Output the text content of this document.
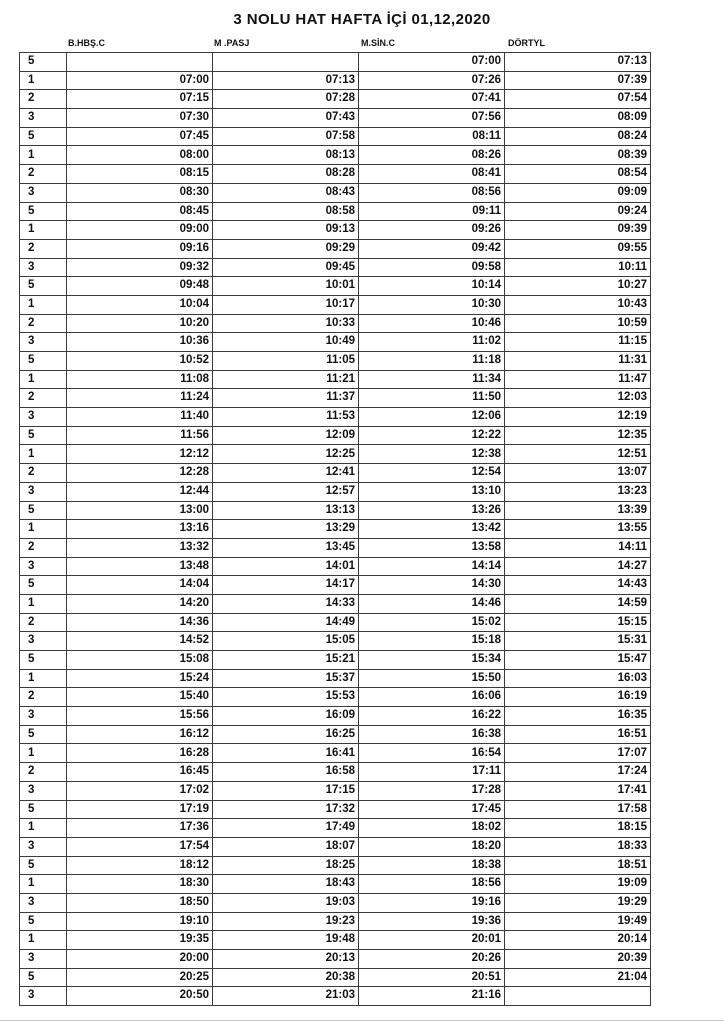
3 NOLU HAT HAFTA İÇİ 01,12,2020
B.HBŞ.C	M .PASJ	M.SİN.C	DÖRTYL
5			07:00	07:13
1	07:00	07:13	07:26	07:39
2	07:15	07:28	07:41	07:54
3	07:30	07:43	07:56	08:09
5	07:45	07:58	08:11	08:24
1	08:00	08:13	08:26	08:39
2	08:15	08:28	08:41	08:54
3	08:30	08:43	08:56	09:09
5	08:45	08:58	09:11	09:24
1	09:00	09:13	09:26	09:39
2	09:16	09:29	09:42	09:55
3	09:32	09:45	09:58	10:11
5	09:48	10:01	10:14	10:27
1	10:04	10:17	10:30	10:43
2	10:20	10:33	10:46	10:59
3	10:36	10:49	11:02	11:15
5	10:52	11:05	11:18	11:31
1	11:08	11:21	11:34	11:47
2	11:24	11:37	11:50	12:03
3	11:40	11:53	12:06	12:19
5	11:56	12:09	12:22	12:35
1	12:12	12:25	12:38	12:51
2	12:28	12:41	12:54	13:07
3	12:44	12:57	13:10	13:23
5	13:00	13:13	13:26	13:39
1	13:16	13:29	13:42	13:55
2	13:32	13:45	13:58	14:11
3	13:48	14:01	14:14	14:27
5	14:04	14:17	14:30	14:43
1	14:20	14:33	14:46	14:59
2	14:36	14:49	15:02	15:15
3	14:52	15:05	15:18	15:31
5	15:08	15:21	15:34	15:47
1	15:24	15:37	15:50	16:03
2	15:40	15:53	16:06	16:19
3	15:56	16:09	16:22	16:35
5	16:12	16:25	16:38	16:51
1	16:28	16:41	16:54	17:07
2	16:45	16:58	17:11	17:24
3	17:02	17:15	17:28	17:41
5	17:19	17:32	17:45	17:58
1	17:36	17:49	18:02	18:15
3	17:54	18:07	18:20	18:33
5	18:12	18:25	18:38	18:51
1	18:30	18:43	18:56	19:09
3	18:50	19:03	19:16	19:29
5	19:10	19:23	19:36	19:49
1	19:35	19:48	20:01	20:14
3	20:00	20:13	20:26	20:39
5	20:25	20:38	20:51	21:04
3	20:50	21:03	21:16	
